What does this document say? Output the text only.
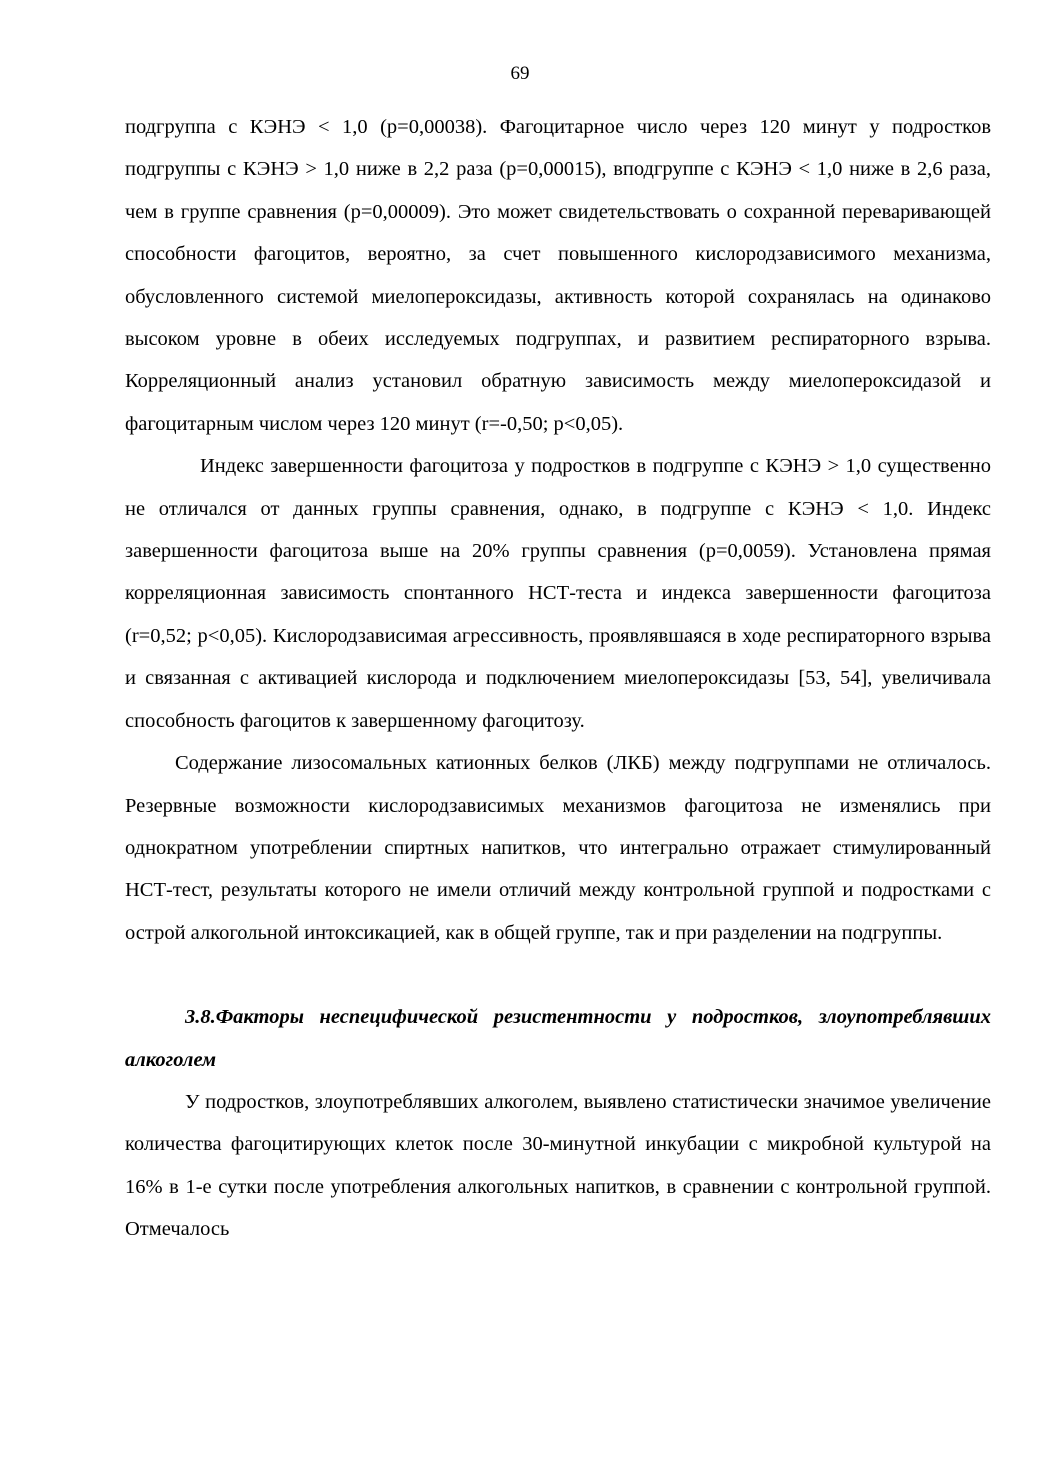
69

подгруппа с КЭНЭ < 1,0 (р=0,00038). Фагоцитарное число через 120 минут у подростков подгруппы с КЭНЭ > 1,0 ниже в 2,2 раза (р=0,00015), вподгруппе с КЭНЭ < 1,0 ниже в 2,6 раза, чем в группе сравнения (р=0,00009). Это может свидетельствовать о сохранной переваривающей способности фагоцитов, вероятно, за счет повышенного кислородзависимого механизма, обусловленного системой миелопероксидазы, активность которой сохранялась на одинаково высоком уровне в обеих исследуемых подгруппах, и развитием респираторного взрыва. Корреляционный анализ установил обратную зависимость между миелопероксидазой и фагоцитарным числом через 120 минут (r=-0,50; p<0,05).

Индекс завершенности фагоцитоза у подростков в подгруппе с КЭНЭ > 1,0 существенно не отличался от данных группы сравнения, однако, в подгруппе с КЭНЭ < 1,0. Индекс завершенности фагоцитоза выше на 20% группы сравнения (р=0,0059). Установлена прямая корреляционная зависимость спонтанного НСТ-теста и индекса завершенности фагоцитоза (r=0,52; p<0,05). Кислородзависимая агрессивность, проявлявшаяся в ходе респираторного взрыва и связанная с активацией кислорода и подключением миелопероксидазы [53, 54], увеличивала способность фагоцитов к завершенному фагоцитозу.

Содержание лизосомальных катионных белков (ЛКБ) между подгруппами не отличалось. Резервные возможности кислородзависимых механизмов фагоцитоза не изменялись при однократном употреблении спиртных напитков, что интегрально отражает стимулированный НСТ-тест, результаты которого не имели отличий между контрольной группой и подростками с острой алкогольной интоксикацией, как в общей группе, так и при разделении на подгруппы.

3.8.Факторы неспецифической резистентности у подростков, злоупотреблявших алкоголем

У подростков, злоупотреблявших алкоголем, выявлено статистически значимое увеличение количества фагоцитирующих клеток после 30-минутной инкубации с микробной культурой на 16% в 1-е сутки после употребления алкогольных напитков, в сравнении с контрольной группой. Отмечалось
